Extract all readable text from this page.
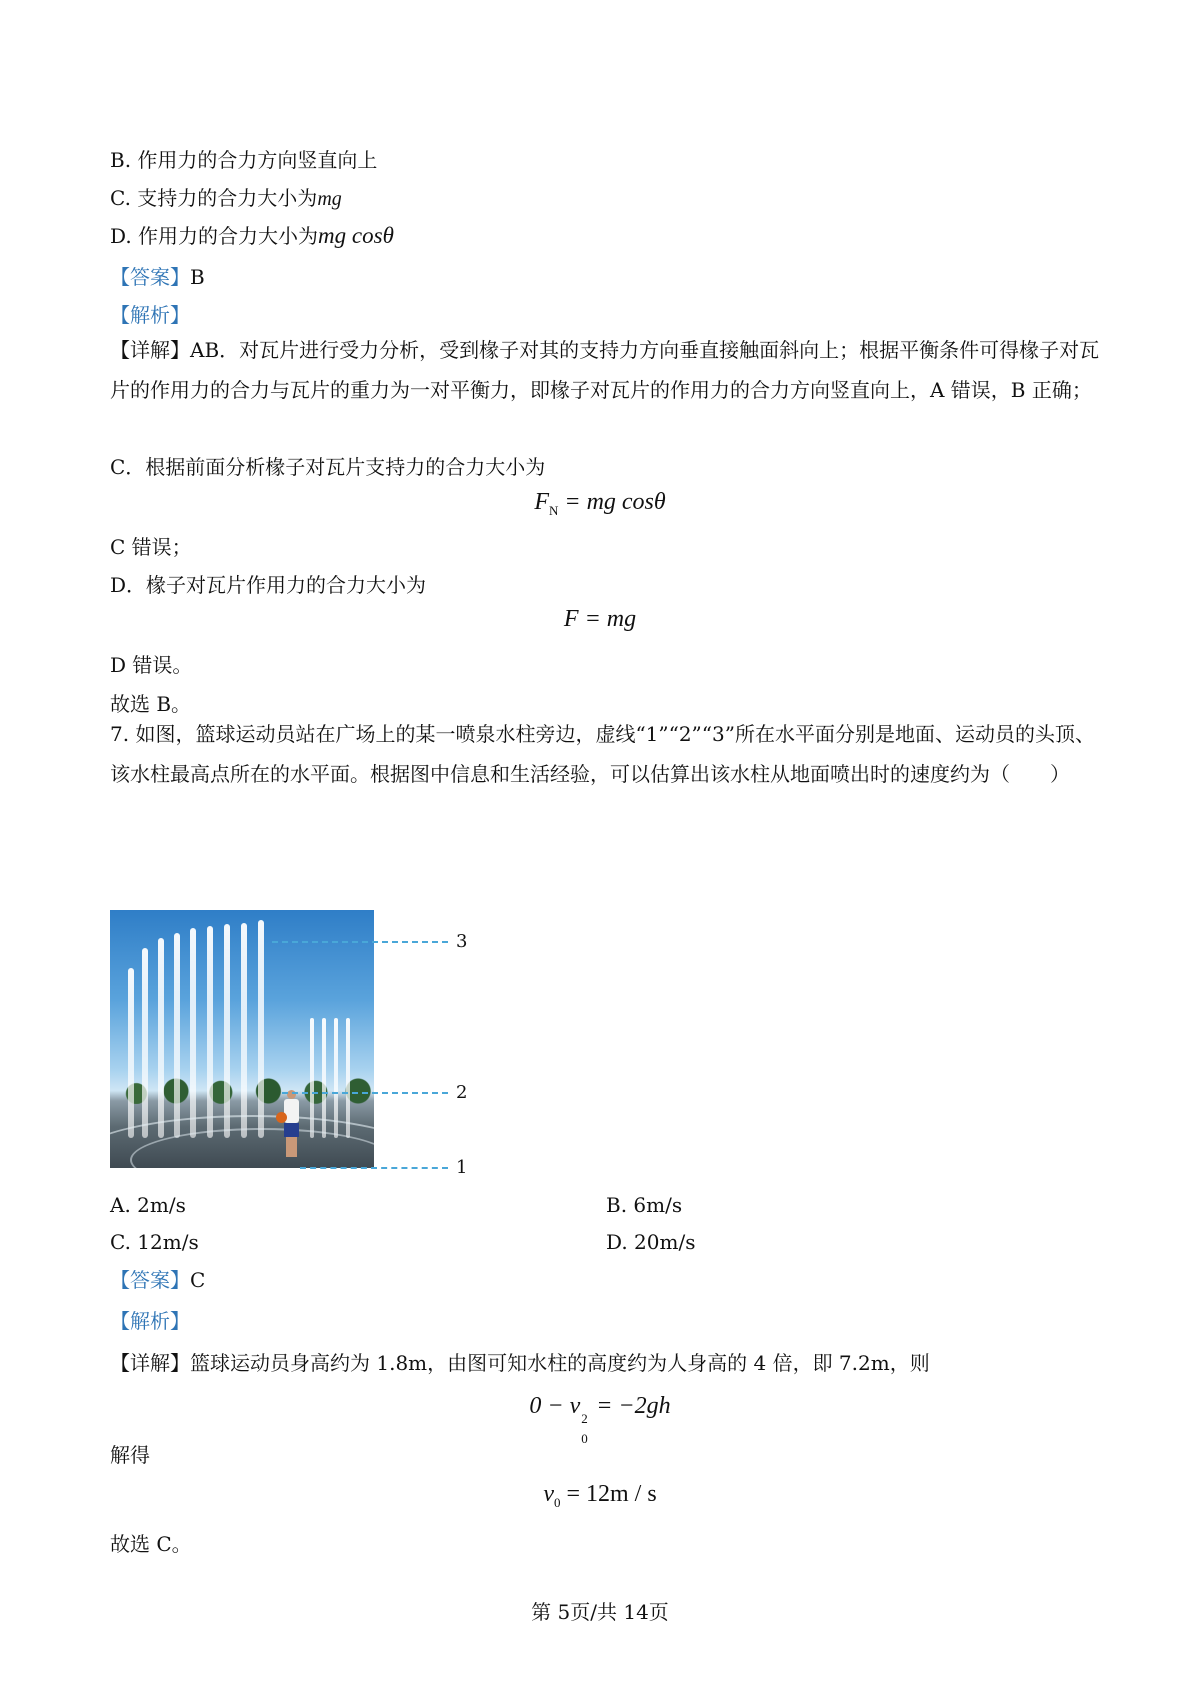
B. 作用力的合力方向竖直向上
C. 支持力的合力大小为mg
D. 作用力的合力大小为mg cosθ
【答案】B
【解析】
【详解】AB．对瓦片进行受力分析，受到椽子对其的支持力方向垂直接触面斜向上；根据平衡条件可得椽子对瓦片的作用力的合力与瓦片的重力为一对平衡力，即椽子对瓦片的作用力的合力方向竖直向上，A 错误，B 正确；
C．根据前面分析椽子对瓦片支持力的合力大小为
$F_N$ = mg cosθ
C 错误；
D．椽子对瓦片作用力的合力大小为
F = mg
D 错误。
故选 B。
7. 如图，篮球运动员站在广场上的某一喷泉水柱旁边，虚线“1”“2”“3”所在水平面分别是地面、运动员的头顶、该水柱最高点所在的水平面。根据图中信息和生活经验，可以估算出该水柱从地面喷出时的速度约为（　　）
3
2
1
A. 2m/s	B. 6m/s
C. 12m/s	D. 20m/s
【答案】C
【解析】
【详解】篮球运动员身高约为 1.8m，由图可知水柱的高度约为人身高的 4 倍，即 7.2m，则
0 − v 2
0
= −2gh
解得
$v_0 = 12m / s$
故选 C。
第 5页/共 14页
